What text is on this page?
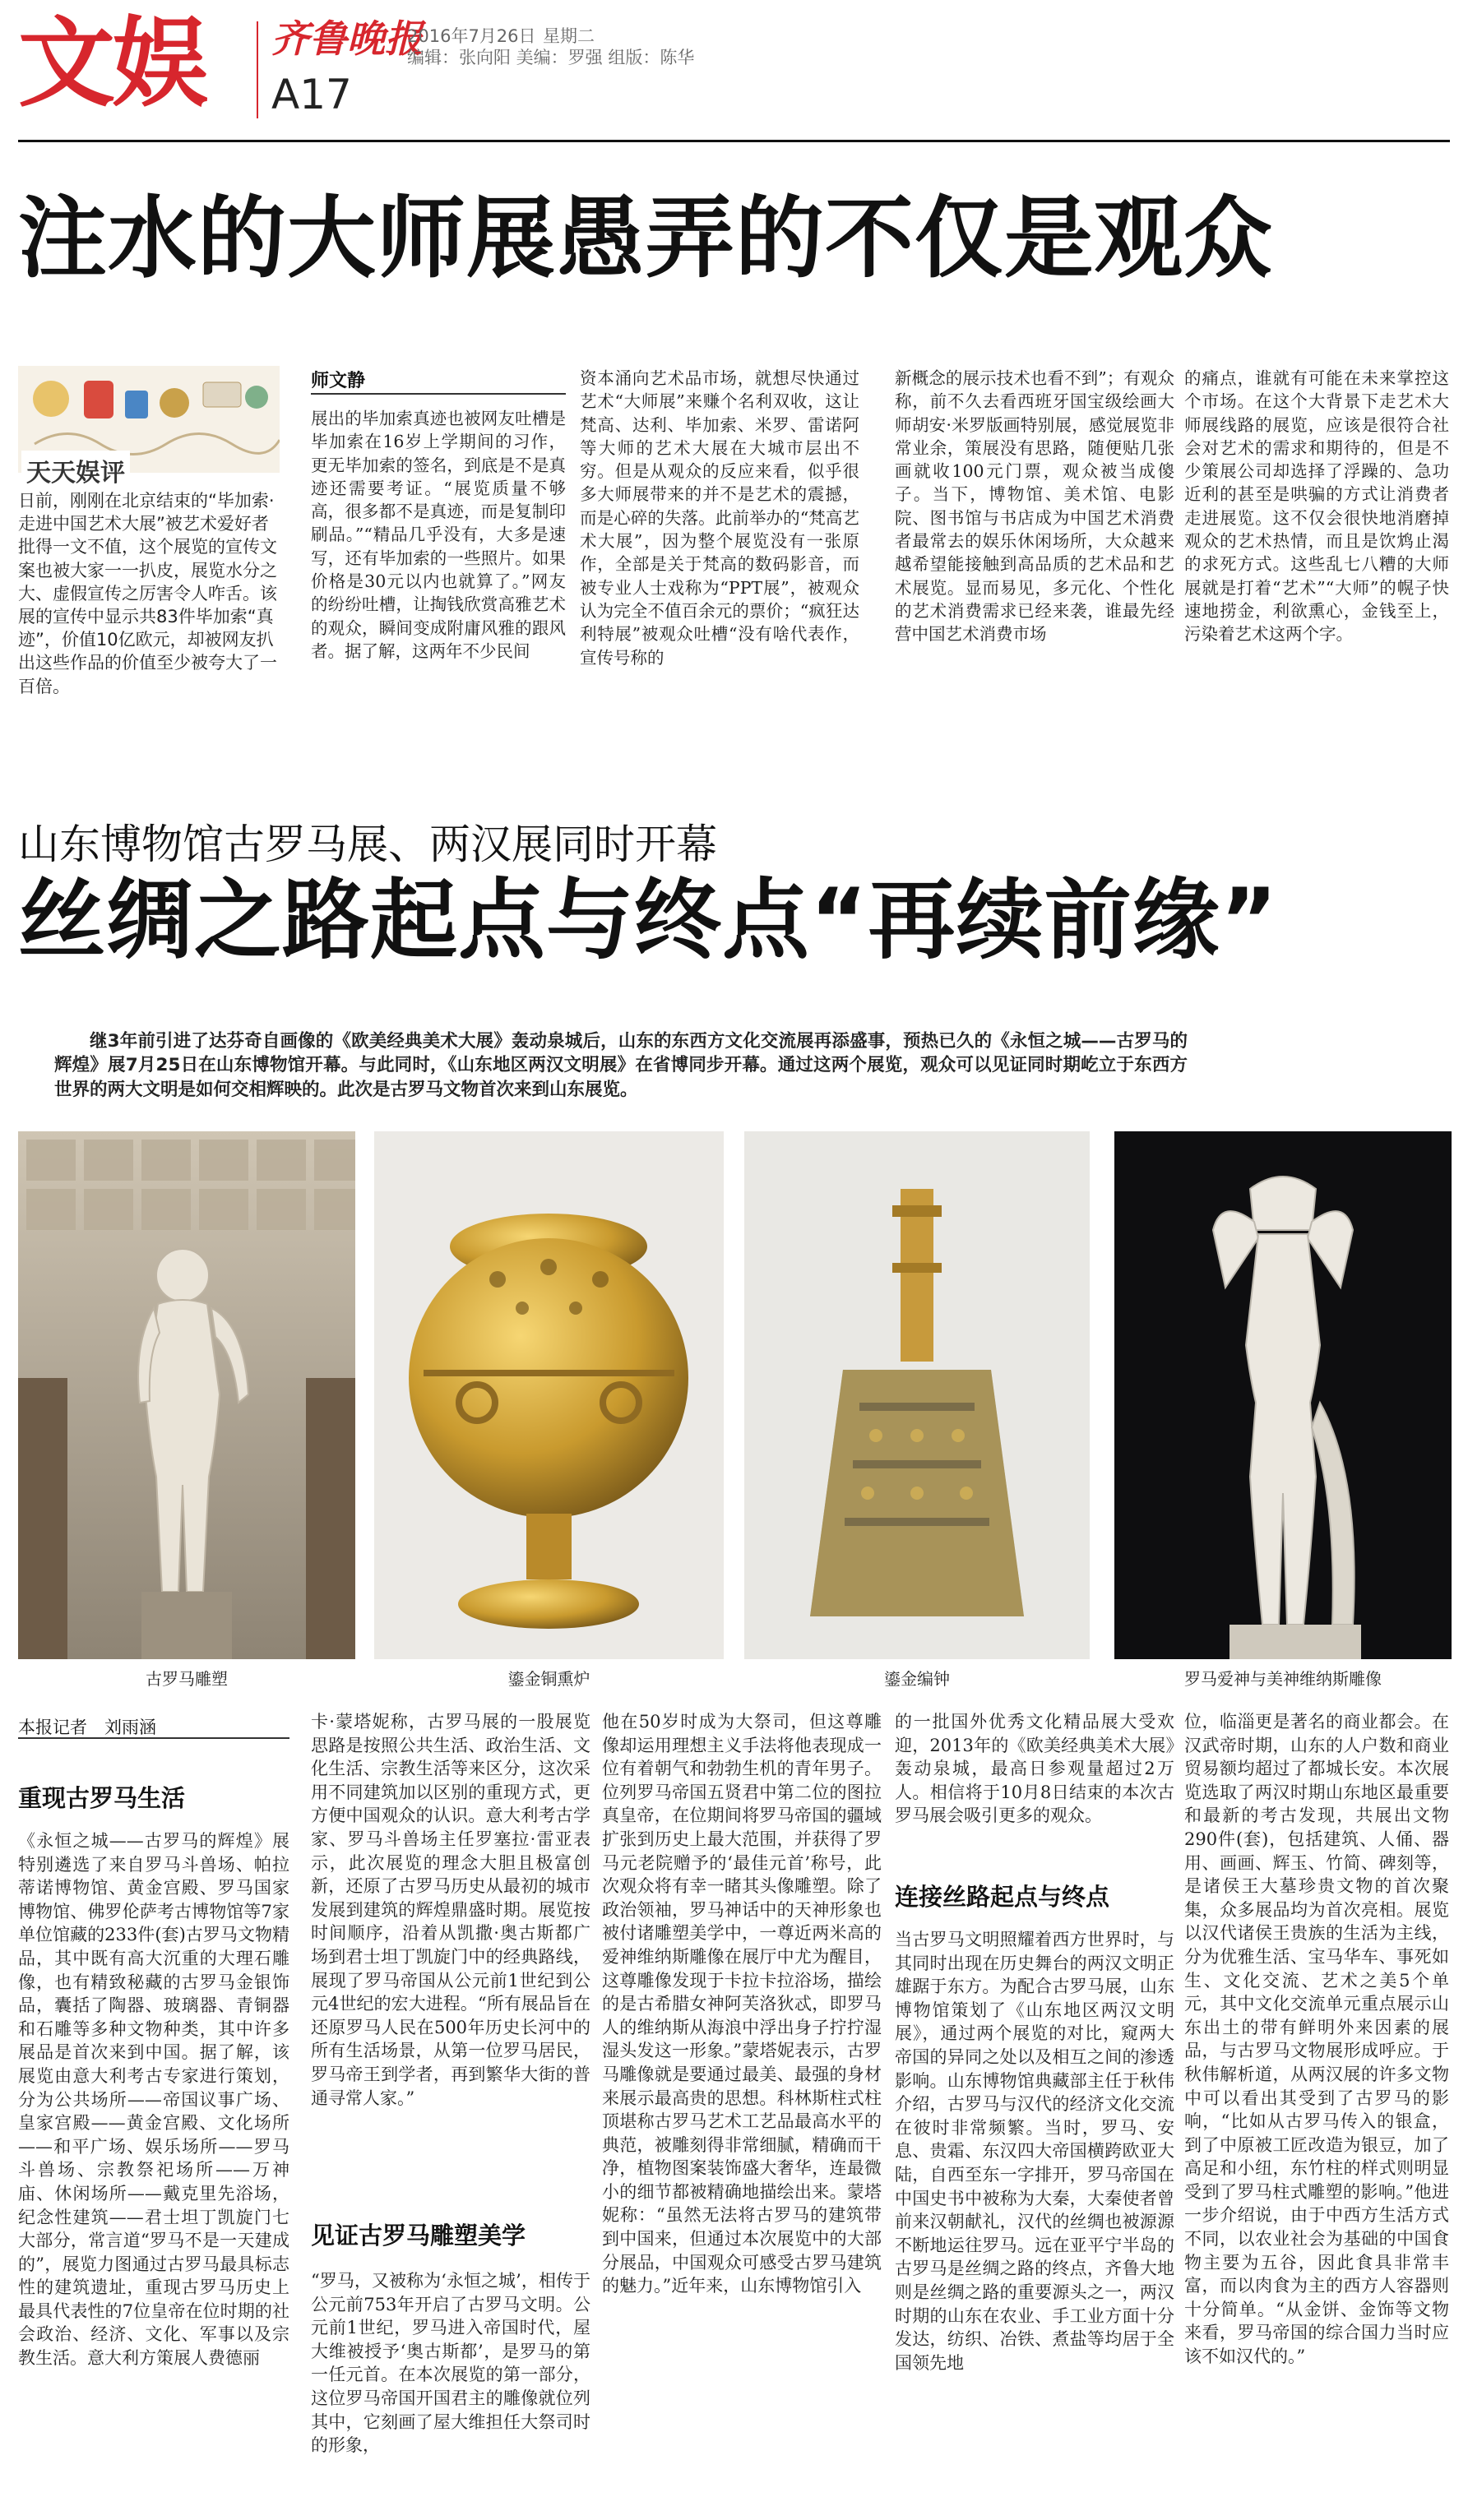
文娱 齐鲁晚报
A17
2016年7月26日 星期二
编辑：张向阳 美编：罗强 组版：陈华
注水的大师展愚弄的不仅是观众
天天娱评
日前，刚刚在北京结束的“毕加索·走进中国艺术大展”被艺术爱好者批得一文不值，这个展览的宣传文案也被大家一一扒皮，展览水分之大、虚假宣传之厉害令人咋舌。该展的宣传中显示共83件毕加索“真迹”，价值10亿欧元，却被网友扒出这些作品的价值至少被夸大了一百倍。
师文静
展出的毕加索真迹也被网友吐槽是毕加索在16岁上学期间的习作，更无毕加索的签名，到底是不是真迹还需要考证。“展览质量不够高，很多都不是真迹，而是复制印刷品。”“精品几乎没有，大多是速写，还有毕加索的一些照片。如果价格是30元以内也就算了。”网友的纷纷吐槽，让掏钱欣赏高雅艺术的观众，瞬间变成附庸风雅的跟风者。据了解，这两年不少民间
资本涌向艺术品市场，就想尽快通过艺术“大师展”来赚个名利双收，这让梵高、达利、毕加索、米罗、雷诺阿等大师的艺术大展在大城市层出不穷。但是从观众的反应来看，似乎很多大师展带来的并不是艺术的震撼，而是心碎的失落。此前举办的“梵高艺术大展”，因为整个展览没有一张原作，全部是关于梵高的数码影音，而被专业人士戏称为“PPT展”，被观众认为完全不值百余元的票价；“疯狂达利特展”被观众吐槽“没有啥代表作，宣传号称的
新概念的展示技术也看不到”；有观众称，前不久去看西班牙国宝级绘画大师胡安·米罗版画特别展，感觉展览非常业余，策展没有思路，随便贴几张画就收100元门票，观众被当成傻子。当下，博物馆、美术馆、电影院、图书馆与书店成为中国艺术消费者最常去的娱乐休闲场所，大众越来越希望能接触到高品质的艺术品和艺术展览。显而易见，多元化、个性化的艺术消费需求已经来袭，谁最先经营中国艺术消费市场
的痛点，谁就有可能在未来掌控这个市场。在这个大背景下走艺术大师展线路的展览，应该是很符合社会对艺术的需求和期待的，但是不少策展公司却选择了浮躁的、急功近利的甚至是哄骗的方式让消费者走进展览。这不仅会很快地消磨掉观众的艺术热情，而且是饮鸩止渴的求死方式。这些乱七八糟的大师展就是打着“艺术”“大师”的幌子快速地捞金，利欲熏心，金钱至上，污染着艺术这两个字。
山东博物馆古罗马展、两汉展同时开幕
丝绸之路起点与终点“再续前缘”
继3年前引进了达芬奇自画像的《欧美经典美术大展》轰动泉城后，山东的东西方文化交流展再添盛事，预热已久的《永恒之城——古罗马的辉煌》展7月25日在山东博物馆开幕。与此同时，《山东地区两汉文明展》在省博同步开幕。通过这两个展览，观众可以见证同时期屹立于东西方世界的两大文明是如何交相辉映的。此次是古罗马文物首次来到山东展览。
古罗马雕塑	鎏金铜熏炉	鎏金编钟	罗马爱神与美神维纳斯雕像
本报记者　刘雨涵
重现古罗马生活
《永恒之城——古罗马的辉煌》展特别遴选了来自罗马斗兽场、帕拉蒂诺博物馆、黄金宫殿、罗马国家博物馆、佛罗伦萨考古博物馆等7家单位馆藏的233件(套)古罗马文物精品，其中既有高大沉重的大理石雕像，也有精致秘藏的古罗马金银饰品，囊括了陶器、玻璃器、青铜器和石雕等多种文物种类，其中许多展品是首次来到中国。据了解，该展览由意大利考古专家进行策划，分为公共场所——帝国议事广场、皇家宫殿——黄金宫殿、文化场所——和平广场、娱乐场所——罗马斗兽场、宗教祭祀场所——万神庙、休闲场所——戴克里先浴场，纪念性建筑——君士坦丁凯旋门七大部分，常言道“罗马不是一天建成的”，展览力图通过古罗马最具标志性的建筑遗址，重现古罗马历史上最具代表性的7位皇帝在位时期的社会政治、经济、文化、军事以及宗教生活。意大利方策展人费德丽
卡·蒙塔妮称，古罗马展的一股展览思路是按照公共生活、政治生活、文化生活、宗教生活等来区分，这次采用不同建筑加以区别的重现方式，更方便中国观众的认识。意大利考古学家、罗马斗兽场主任罗塞拉·雷亚表示，此次展览的理念大胆且极富创新，还原了古罗马历史从最初的城市发展到建筑的辉煌鼎盛时期。展览按时间顺序，沿着从凯撒·奥古斯都广场到君士坦丁凯旋门中的经典路线，展现了罗马帝国从公元前1世纪到公元4世纪的宏大进程。“所有展品旨在还原罗马人民在500年历史长河中的所有生活场景，从第一位罗马居民，罗马帝王到学者，再到繁华大街的普通寻常人家。”
见证古罗马雕塑美学
“罗马，又被称为‘永恒之城’，相传于公元前753年开启了古罗马文明。公元前1世纪，罗马进入帝国时代，屋大维被授予‘奥古斯都’，是罗马的第一任元首。在本次展览的第一部分，这位罗马帝国开国君主的雕像就位列其中，它刻画了屋大维担任大祭司时的形象，
他在50岁时成为大祭司，但这尊雕像却运用理想主义手法将他表现成一位有着朝气和勃勃生机的青年男子。位列罗马帝国五贤君中第二位的图拉真皇帝，在位期间将罗马帝国的疆域扩张到历史上最大范围，并获得了罗马元老院赠予的‘最佳元首’称号，此次观众将有幸一睹其头像雕塑。除了政治领袖，罗马神话中的天神形象也被付诸雕塑美学中，一尊近两米高的爱神维纳斯雕像在展厅中尤为醒目，这尊雕像发现于卡拉卡拉浴场，描绘的是古希腊女神阿芙洛狄忒，即罗马人的维纳斯从海浪中浮出身子拧拧湿湿头发这一形象。”蒙塔妮表示，古罗马雕像就是要通过最美、最强的身材来展示最高贵的思想。科林斯柱式柱顶堪称古罗马艺术工艺品最高水平的典范，被雕刻得非常细腻，精确而干净，植物图案装饰盛大奢华，连最微小的细节都被精确地描绘出来。蒙塔妮称：“虽然无法将古罗马的建筑带到中国来，但通过本次展览中的大部分展品，中国观众可感受古罗马建筑的魅力。”近年来，山东博物馆引入
的一批国外优秀文化精品展大受欢迎，2013年的《欧美经典美术大展》轰动泉城，最高日参观量超过2万人。相信将于10月8日结束的本次古罗马展会吸引更多的观众。
连接丝路起点与终点
当古罗马文明照耀着西方世界时，与其同时出现在历史舞台的两汉文明正雄踞于东方。为配合古罗马展，山东博物馆策划了《山东地区两汉文明展》，通过两个展览的对比，窥两大帝国的异同之处以及相互之间的渗透影响。山东博物馆典藏部主任于秋伟介绍，古罗马与汉代的经济文化交流在彼时非常频繁。当时，罗马、安息、贵霜、东汉四大帝国横跨欧亚大陆，自西至东一字排开，罗马帝国在中国史书中被称为大秦，大秦使者曾前来汉朝献礼，汉代的丝绸也被源源不断地运往罗马。远在亚平宁半岛的古罗马是丝绸之路的终点，齐鲁大地则是丝绸之路的重要源头之一，两汉时期的山东在农业、手工业方面十分发达，纺织、冶铁、煮盐等均居于全国领先地
位，临淄更是著名的商业都会。在汉武帝时期，山东的人户数和商业贸易额均超过了都城长安。本次展览选取了两汉时期山东地区最重要和最新的考古发现，共展出文物290件(套)，包括建筑、人俑、器用、画画、辉玉、竹简、碑刻等，是诸侯王大墓珍贵文物的首次聚集，众多展品均为首次亮相。展览以汉代诸侯王贵族的生活为主线，分为优雅生活、宝马华车、事死如生、文化交流、艺术之美5个单元，其中文化交流单元重点展示山东出土的带有鲜明外来因素的展品，与古罗马文物展形成呼应。于秋伟解析道，从两汉展的许多文物中可以看出其受到了古罗马的影响，“比如从古罗马传入的银盒，到了中原被工匠改造为银豆，加了高足和小纽，东竹柱的样式则明显受到了罗马柱式雕塑的影响。”他进一步介绍说，由于中西方生活方式不同，以农业社会为基础的中国食物主要为五谷，因此食具非常丰富，而以肉食为主的西方人容器则十分简单。“从金饼、金饰等文物来看，罗马帝国的综合国力当时应该不如汉代的。”
